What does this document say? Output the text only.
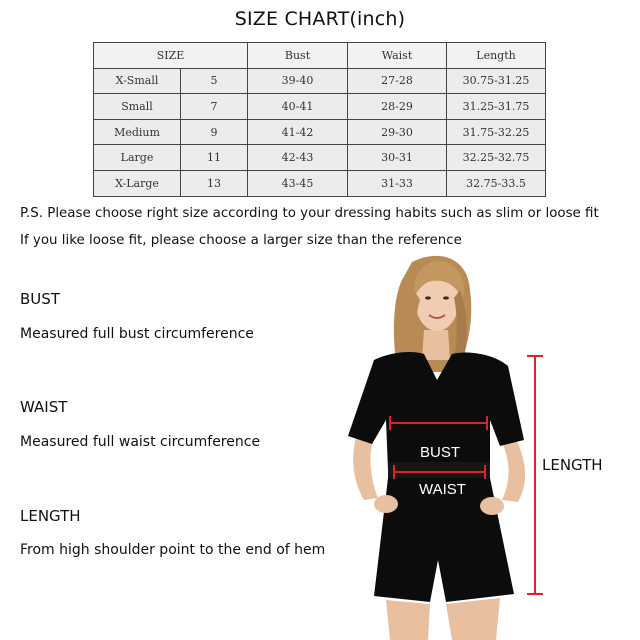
SIZE CHART(inch)
SIZE		Bust	Waist	Length
X-Small	5	39-40	27-28	30.75-31.25
Small	7	40-41	28-29	31.25-31.75
Medium	9	41-42	29-30	31.75-32.25
Large	11	42-43	30-31	32.25-32.75
X-Large	13	43-45	31-33	32.75-33.5
P.S. Please choose right size according to your dressing habits such as slim or loose fit
If you like loose fit, please choose a larger size than the reference
BUST
Measured full bust circumference
WAIST
Measured full waist circumference
LENGTH
From high shoulder point to the end of hem
BUST
WAIST
LENGTH
